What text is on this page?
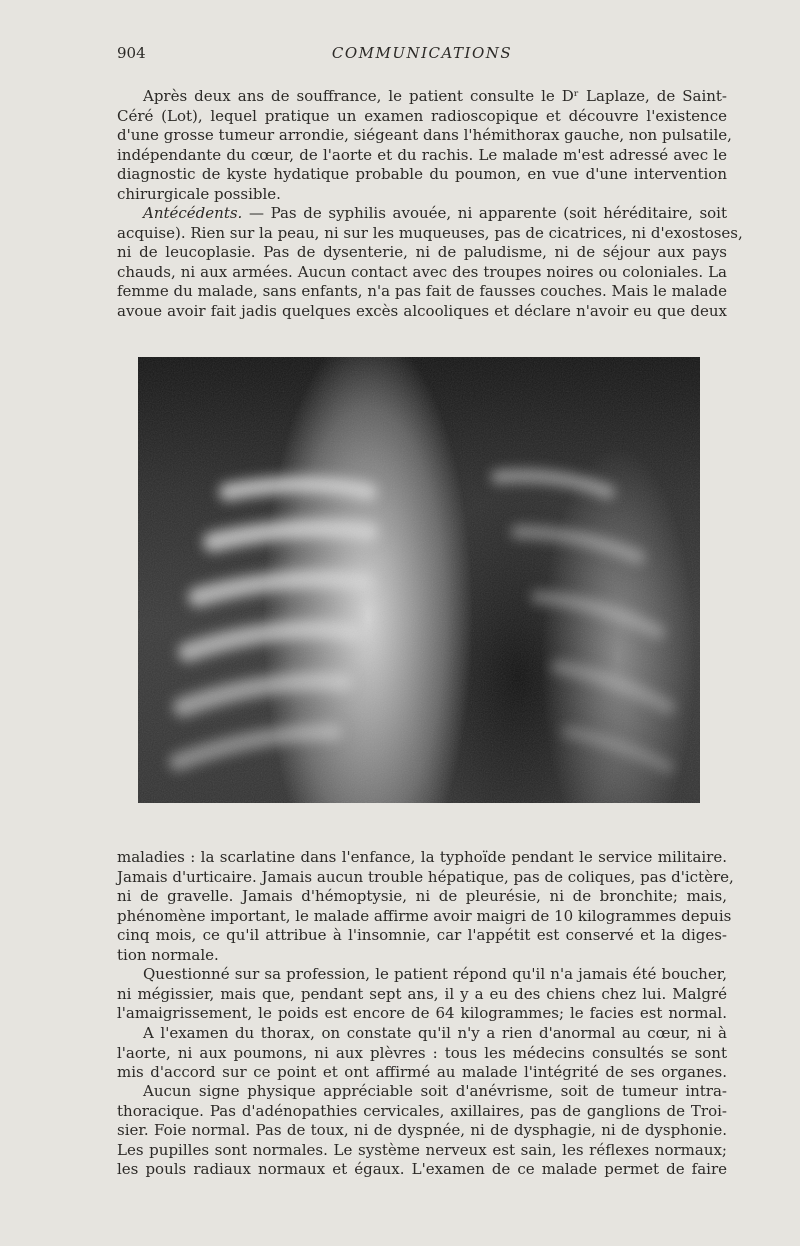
904	COMMUNICATIONS
Après deux ans de souffrance, le patient consulte le Dʳ Laplaze, de Saint-
Céré (Lot), lequel pratique un examen radioscopique et découvre l'existence
d'une grosse tumeur arrondie, siégeant dans l'hémithorax gauche, non pulsatile,
indépendante du cœur, de l'aorte et du rachis. Le malade m'est adressé avec le
diagnostic de kyste hydatique probable du poumon, en vue d'une intervention
chirurgicale possible.
Antécédents. — Pas de syphilis avouée, ni apparente (soit héréditaire, soit
acquise). Rien sur la peau, ni sur les muqueuses, pas de cicatrices, ni d'exostoses,
ni de leucoplasie. Pas de dysenterie, ni de paludisme, ni de séjour aux pays
chauds, ni aux armées. Aucun contact avec des troupes noires ou coloniales. La
femme du malade, sans enfants, n'a pas fait de fausses couches. Mais le malade
avoue avoir fait jadis quelques excès alcooliques et déclare n'avoir eu que deux
maladies : la scarlatine dans l'enfance, la typhoïde pendant le service militaire.
Jamais d'urticaire. Jamais aucun trouble hépatique, pas de coliques, pas d'ictère,
ni de gravelle. Jamais d'hémoptysie, ni de pleurésie, ni de bronchite; mais,
phénomène important, le malade affirme avoir maigri de 10 kilogrammes depuis
cinq mois, ce qu'il attribue à l'insomnie, car l'appétit est conservé et la diges-
tion normale.
Questionné sur sa profession, le patient répond qu'il n'a jamais été boucher,
ni mégissier, mais que, pendant sept ans, il y a eu des chiens chez lui. Malgré
l'amaigrissement, le poids est encore de 64 kilogrammes; le facies est normal.
A l'examen du thorax, on constate qu'il n'y a rien d'anormal au cœur, ni à
l'aorte, ni aux poumons, ni aux plèvres : tous les médecins consultés se sont
mis d'accord sur ce point et ont affirmé au malade l'intégrité de ses organes.
Aucun signe physique appréciable soit d'anévrisme, soit de tumeur intra-
thoracique. Pas d'adénopathies cervicales, axillaires, pas de ganglions de Troi-
sier. Foie normal. Pas de toux, ni de dyspnée, ni de dysphagie, ni de dysphonie.
Les pupilles sont normales. Le système nerveux est sain, les réflexes normaux;
les pouls radiaux normaux et égaux. L'examen de ce malade permet de faire
